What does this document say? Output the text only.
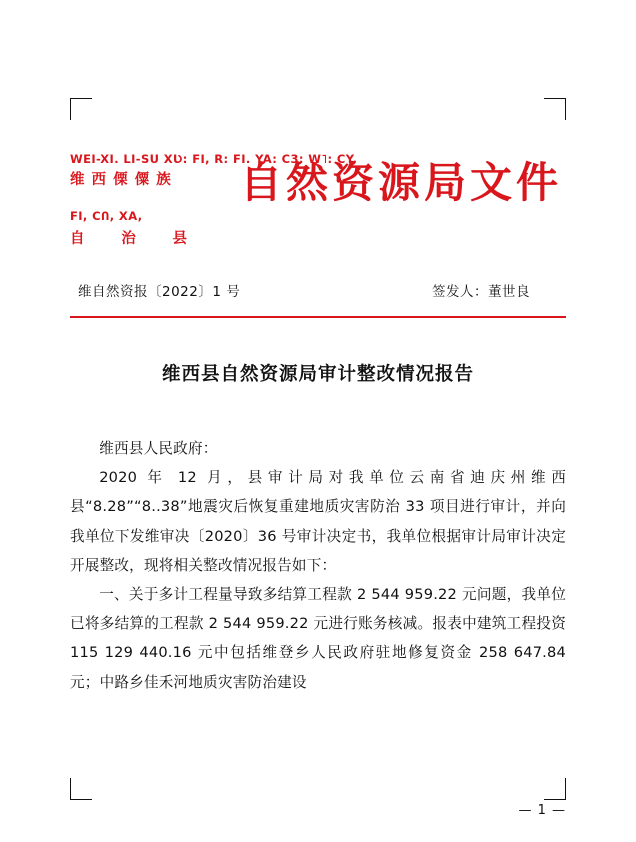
WEI-XI. LI-SU XƲ: FI, R: FI. YA: C3: W˥: CY,
维 西 傈 僳 族
FI, CՈ, XA,
自 治 县
自然资源局文件
维自然资报〔2022〕1 号	签发人：董世良
维西县自然资源局审计整改情况报告

维西县人民政府：

2020 年 12 月，县审计局对我单位云南省迪庆州维西县“8.28”“8..38”地震灾后恢复重建地质灾害防治 33 项目进行审计，并向我单位下发维审决〔2020〕36 号审计决定书，我单位根据审计局审计决定开展整改，现将相关整改情况报告如下：

一、关于多计工程量导致多结算工程款 2 544 959.22 元问题，我单位已将多结算的工程款 2 544 959.22 元进行账务核减。报表中建筑工程投资 115 129 440.16 元中包括维登乡人民政府驻地修复资金 258 647.84 元；中路乡佳禾河地质灾害防治建设

— 1 —
